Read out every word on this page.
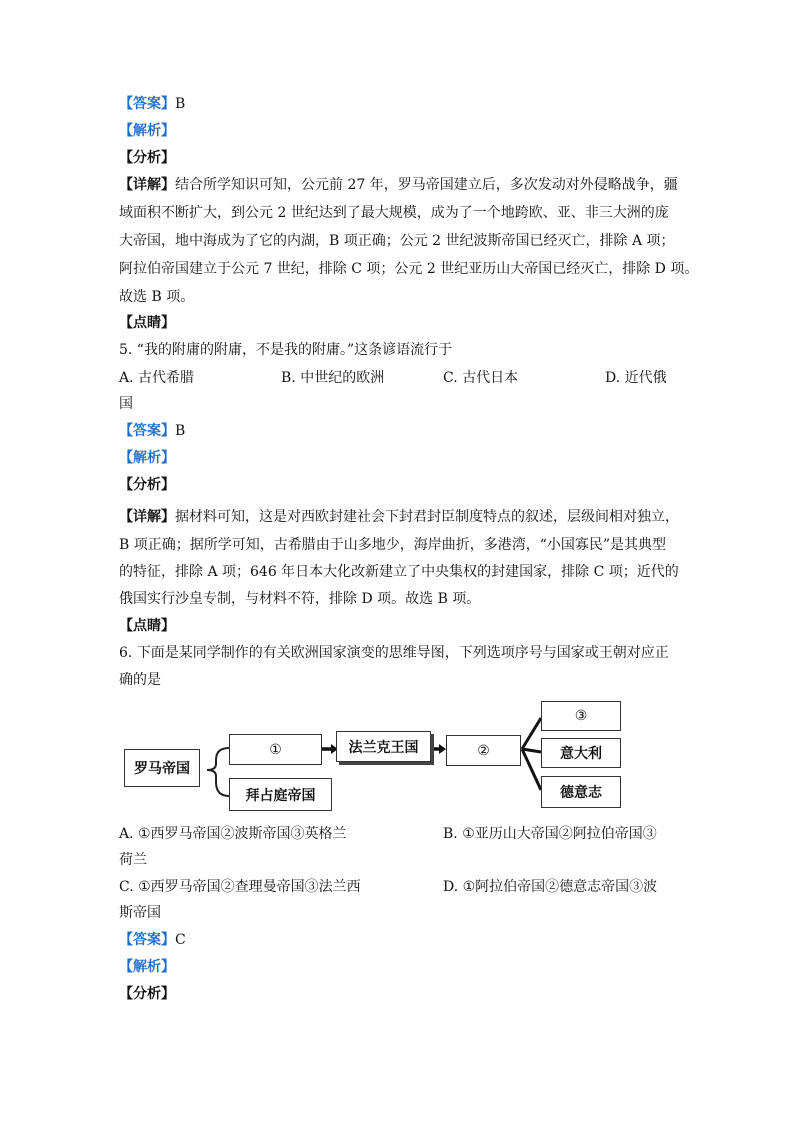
【答案】B
【解析】
【分析】
【详解】结合所学知识可知，公元前 27 年，罗马帝国建立后，多次发动对外侵略战争，疆
域面积不断扩大，到公元 2 世纪达到了最大规模，成为了一个地跨欧、亚、非三大洲的庞
大帝国，地中海成为了它的内湖，B 项正确；公元 2 世纪波斯帝国已经灭亡，排除 A 项；
阿拉伯帝国建立于公元 7 世纪，排除 C 项；公元 2 世纪亚历山大帝国已经灭亡，排除 D 项。
故选 B 项。
【点睛】
5. “我的附庸的附庸，不是我的附庸。”这条谚语流行于
A. 古代希腊	B. 中世纪的欧洲	C. 古代日本	D. 近代俄
国
【答案】B
【解析】
【分析】
【详解】据材料可知，这是对西欧封建社会下封君封臣制度特点的叙述，层级间相对独立，
B 项正确；据所学可知，古希腊由于山多地少，海岸曲折，多港湾，“小国寡民”是其典型
的特征，排除 A 项；646 年日本大化改新建立了中央集权的封建国家，排除 C 项；近代的
俄国实行沙皇专制，与材料不符，排除 D 项。故选 B 项。
【点睛】
6. 下面是某同学制作的有关欧洲国家演变的思维导图，下列选项序号与国家或王朝对应正
确的是
罗马帝国
①
拜占庭帝国
法兰克王国	②
③
意大利
德意志
A. ①西罗马帝国②波斯帝国③英格兰	B. ①亚历山大帝国②阿拉伯帝国③
荷兰
C. ①西罗马帝国②查理曼帝国③法兰西	D. ①阿拉伯帝国②德意志帝国③波
斯帝国
【答案】C
【解析】
【分析】
